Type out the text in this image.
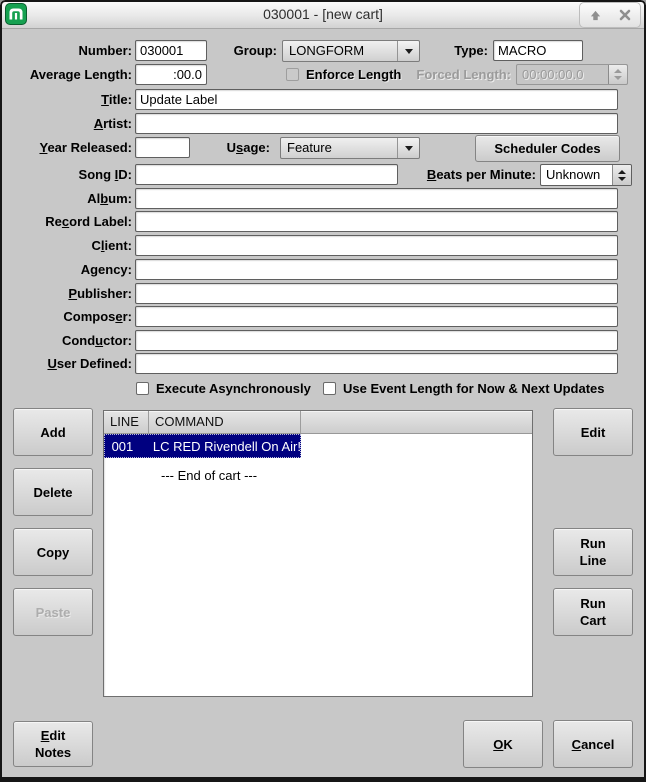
030001 - [new cart]
Number:
030001	Group: LONGFORM	Type:
MACRO
Average Length:
:00.0	Enforce Length	Forced Length: 00:00:00.0
Title:
Update Label
Artist:
Year Released:	Usage:	Feature	Scheduler Codes
Song ID:	Beats per Minute: Unknown
Album:
Record Label:
Client:
Agency:
Publisher:
Composer:
Conductor:
User Defined:
Execute Asynchronously Use Event Length for Now & Next Updates
Add
Delete
Copy
Paste
LINE	COMMAND
001	LC RED Rivendell On Air!
--- End of cart ---
Edit
Run
Line
Run
Cart
Edit
Notes
OK	Cancel
